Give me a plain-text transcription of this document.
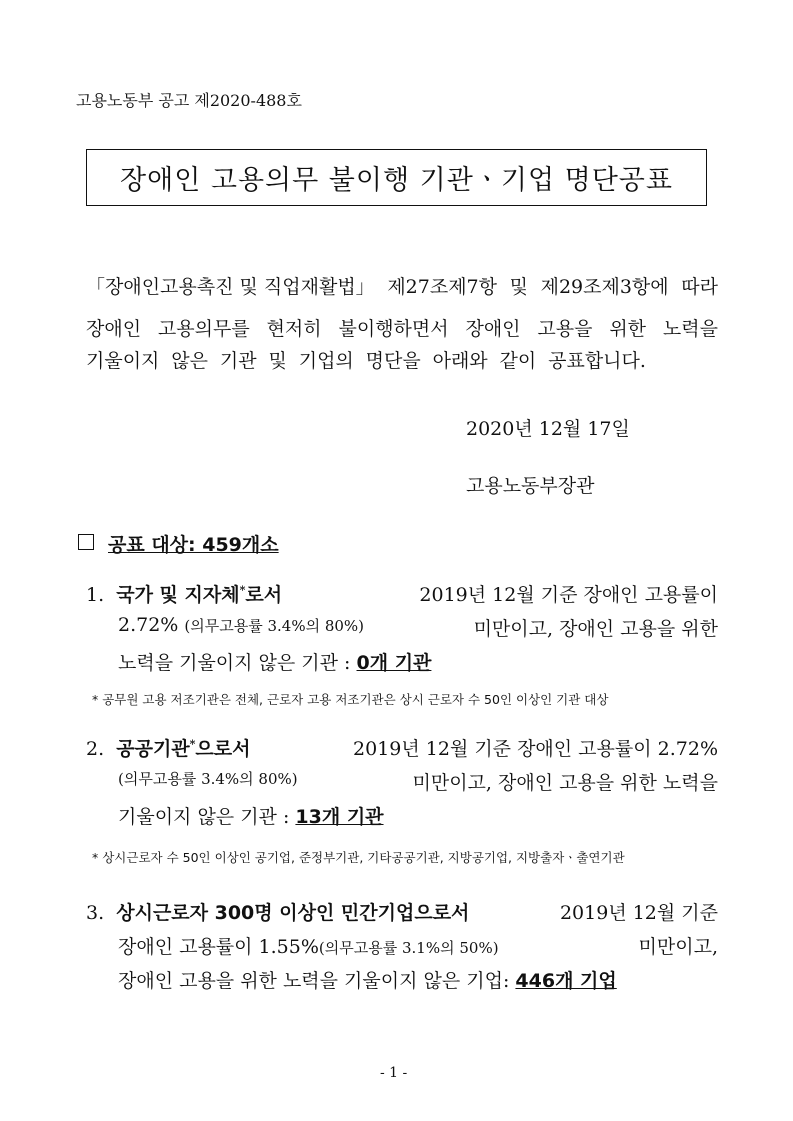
고용노동부 공고 제2020-488호
장애인 고용의무 불이행 기관ㆍ기업 명단공표
「장애인고용촉진 및 직업재활법」 제27조제7항 및 제29조제3항에 따라
장애인 고용의무를 현저히 불이행하면서 장애인 고용을 위한 노력을
기울이지 않은 기관 및 기업의 명단을 아래와 같이 공표합니다.
2020년 12월 17일
고용노동부장관
공표 대상: 459개소
1. 국가 및 지자체*로서	2019년 12월 기준 장애인 고용률이
2.72% (의무고용률 3.4%의 80%)	미만이고, 장애인 고용을 위한
노력을 기울이지 않은 기관 : 0개 기관
* 공무원 고용 저조기관은 전체, 근로자 고용 저조기관은 상시 근로자 수 50인 이상인 기관 대상
2. 공공기관*으로서	2019년 12월 기준 장애인 고용률이 2.72%
(의무고용률 3.4%의 80%)	미만이고, 장애인 고용을 위한 노력을
기울이지 않은 기관 : 13개 기관
* 상시근로자 수 50인 이상인 공기업, 준정부기관, 기타공공기관, 지방공기업, 지방출자ㆍ출연기관
3. 상시근로자 300명 이상인 민간기업으로서	2019년 12월 기준
장애인 고용률이 1.55%(의무고용률 3.1%의 50%)	미만이고,
장애인 고용을 위한 노력을 기울이지 않은 기업: 446개 기업
- 1 -
